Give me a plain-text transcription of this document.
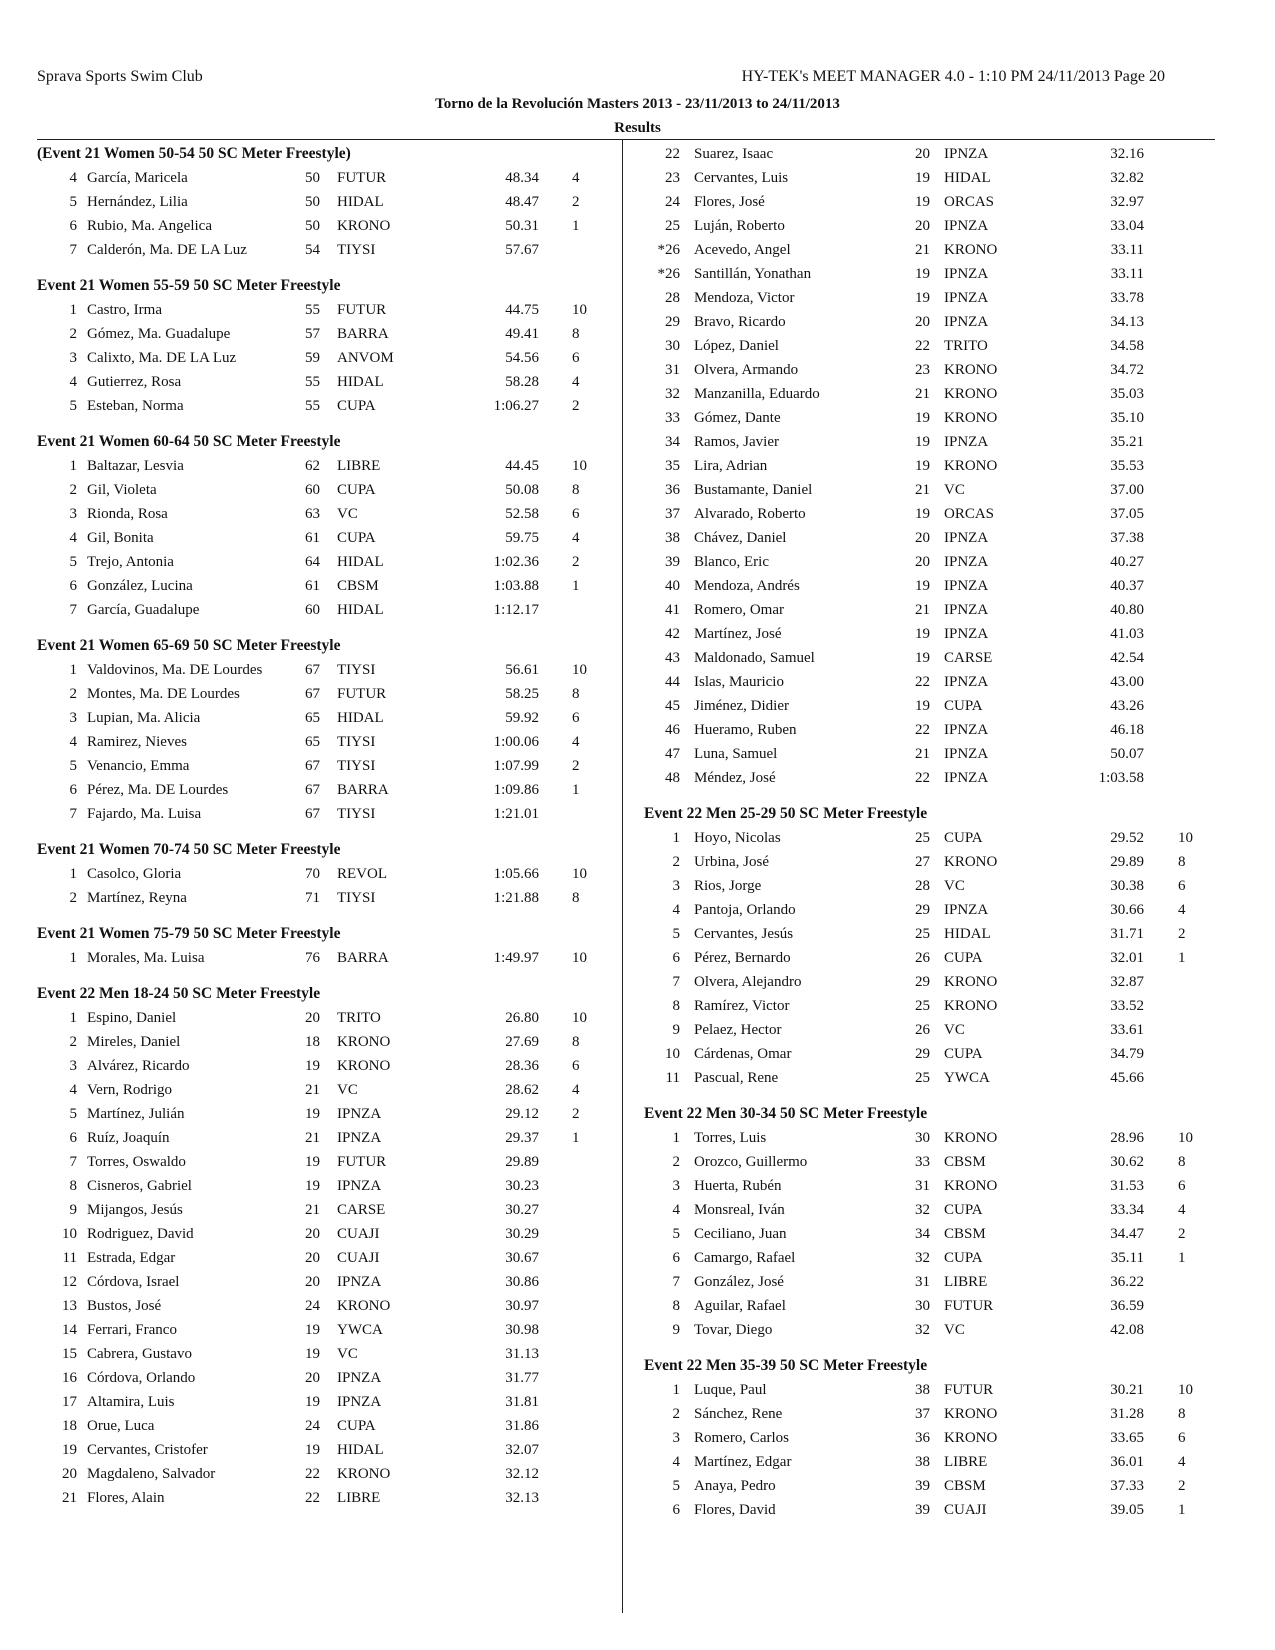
Sprava Sports Swim Club	HY-TEK's MEET MANAGER 4.0 - 1:10 PM 24/11/2013 Page 20
Torno de la Revolución Masters 2013 - 23/11/2013 to 24/11/2013
Results
(Event 21 Women 50-54 50 SC Meter Freestyle)
4 García, Maricela	50 FUTUR	48.34 4
5 Hernández, Lilia	50 HIDAL	48.47 2
6 Rubio, Ma. Angelica	50 KRONO	50.31 1
7 Calderón, Ma. DE LA Luz	54 TIYSI	57.67
Event 21 Women 55-59 50 SC Meter Freestyle
1 Castro, Irma	55 FUTUR	44.75 10
2 Gómez, Ma. Guadalupe	57 BARRA	49.41 8
3 Calixto, Ma. DE LA Luz	59 ANVOM	54.56 6
4 Gutierrez, Rosa	55 HIDAL	58.28 4
5 Esteban, Norma	55 CUPA	1:06.27 2
Event 21 Women 60-64 50 SC Meter Freestyle
1 Baltazar, Lesvia	62 LIBRE	44.45 10
2 Gil, Violeta	60 CUPA	50.08 8
3 Rionda, Rosa	63 VC	52.58 6
4 Gil, Bonita	61 CUPA	59.75 4
5 Trejo, Antonia	64 HIDAL	1:02.36 2
6 González, Lucina	61 CBSM	1:03.88 1
7 García, Guadalupe	60 HIDAL	1:12.17
Event 21 Women 65-69 50 SC Meter Freestyle
1 Valdovinos, Ma. DE Lourdes	67 TIYSI	56.61 10
2 Montes, Ma. DE Lourdes	67 FUTUR	58.25 8
3 Lupian, Ma. Alicia	65 HIDAL	59.92 6
4 Ramirez, Nieves	65 TIYSI	1:00.06 4
5 Venancio, Emma	67 TIYSI	1:07.99 2
6 Pérez, Ma. DE Lourdes	67 BARRA	1:09.86 1
7 Fajardo, Ma. Luisa	67 TIYSI	1:21.01
Event 21 Women 70-74 50 SC Meter Freestyle
1 Casolco, Gloria	70 REVOL	1:05.66 10
2 Martínez, Reyna	71 TIYSI	1:21.88 8
Event 21 Women 75-79 50 SC Meter Freestyle
1 Morales, Ma. Luisa	76 BARRA	1:49.97 10
Event 22 Men 18-24 50 SC Meter Freestyle
1 Espino, Daniel	20 TRITO	26.80 10
2 Mireles, Daniel	18 KRONO	27.69 8
3 Alvárez, Ricardo	19 KRONO	28.36 6
4 Vern, Rodrigo	21 VC	28.62 4
5 Martínez, Julián	19 IPNZA	29.12 2
6 Ruíz, Joaquín	21 IPNZA	29.37 1
7 Torres, Oswaldo	19 FUTUR	29.89
8 Cisneros, Gabriel	19 IPNZA	30.23
9 Mijangos, Jesús	21 CARSE	30.27
10 Rodriguez, David	20 CUAJI	30.29
11 Estrada, Edgar	20 CUAJI	30.67
12 Córdova, Israel	20 IPNZA	30.86
13 Bustos, José	24 KRONO	30.97
14 Ferrari, Franco	19 YWCA	30.98
15 Cabrera, Gustavo	19 VC	31.13
16 Córdova, Orlando	20 IPNZA	31.77
17 Altamira, Luis	19 IPNZA	31.81
18 Orue, Luca	24 CUPA	31.86
19 Cervantes, Cristofer	19 HIDAL	32.07
20 Magdaleno, Salvador	22 KRONO	32.12
21 Flores, Alain	22 LIBRE	32.13
22 Suarez, Isaac	20 IPNZA	32.16
23 Cervantes, Luis	19 HIDAL	32.82
24 Flores, José	19 ORCAS	32.97
25 Luján, Roberto	20 IPNZA	33.04
*26 Acevedo, Angel	21 KRONO	33.11
*26 Santillán, Yonathan	19 IPNZA	33.11
28 Mendoza, Victor	19 IPNZA	33.78
29 Bravo, Ricardo	20 IPNZA	34.13
30 López, Daniel	22 TRITO	34.58
31 Olvera, Armando	23 KRONO	34.72
32 Manzanilla, Eduardo	21 KRONO	35.03
33 Gómez, Dante	19 KRONO	35.10
34 Ramos, Javier	19 IPNZA	35.21
35 Lira, Adrian	19 KRONO	35.53
36 Bustamante, Daniel	21 VC	37.00
37 Alvarado, Roberto	19 ORCAS	37.05
38 Chávez, Daniel	20 IPNZA	37.38
39 Blanco, Eric	20 IPNZA	40.27
40 Mendoza, Andrés	19 IPNZA	40.37
41 Romero, Omar	21 IPNZA	40.80
42 Martínez, José	19 IPNZA	41.03
43 Maldonado, Samuel	19 CARSE	42.54
44 Islas, Mauricio	22 IPNZA	43.00
45 Jiménez, Didier	19 CUPA	43.26
46 Hueramo, Ruben	22 IPNZA	46.18
47 Luna, Samuel	21 IPNZA	50.07
48 Méndez, José	22 IPNZA	1:03.58
Event 22 Men 25-29 50 SC Meter Freestyle
1 Hoyo, Nicolas	25 CUPA	29.52 10
2 Urbina, José	27 KRONO	29.89 8
3 Rios, Jorge	28 VC	30.38 6
4 Pantoja, Orlando	29 IPNZA	30.66 4
5 Cervantes, Jesús	25 HIDAL	31.71 2
6 Pérez, Bernardo	26 CUPA	32.01 1
7 Olvera, Alejandro	29 KRONO	32.87
8 Ramírez, Victor	25 KRONO	33.52
9 Pelaez, Hector	26 VC	33.61
10 Cárdenas, Omar	29 CUPA	34.79
11 Pascual, Rene	25 YWCA	45.66
Event 22 Men 30-34 50 SC Meter Freestyle
1 Torres, Luis	30 KRONO	28.96 10
2 Orozco, Guillermo	33 CBSM	30.62 8
3 Huerta, Rubén	31 KRONO	31.53 6
4 Monsreal, Iván	32 CUPA	33.34 4
5 Ceciliano, Juan	34 CBSM	34.47 2
6 Camargo, Rafael	32 CUPA	35.11 1
7 González, José	31 LIBRE	36.22
8 Aguilar, Rafael	30 FUTUR	36.59
9 Tovar, Diego	32 VC	42.08
Event 22 Men 35-39 50 SC Meter Freestyle
1 Luque, Paul	38 FUTUR	30.21 10
2 Sánchez, Rene	37 KRONO	31.28 8
3 Romero, Carlos	36 KRONO	33.65 6
4 Martínez, Edgar	38 LIBRE	36.01 4
5 Anaya, Pedro	39 CBSM	37.33 2
6 Flores, David	39 CUAJI	39.05 1
